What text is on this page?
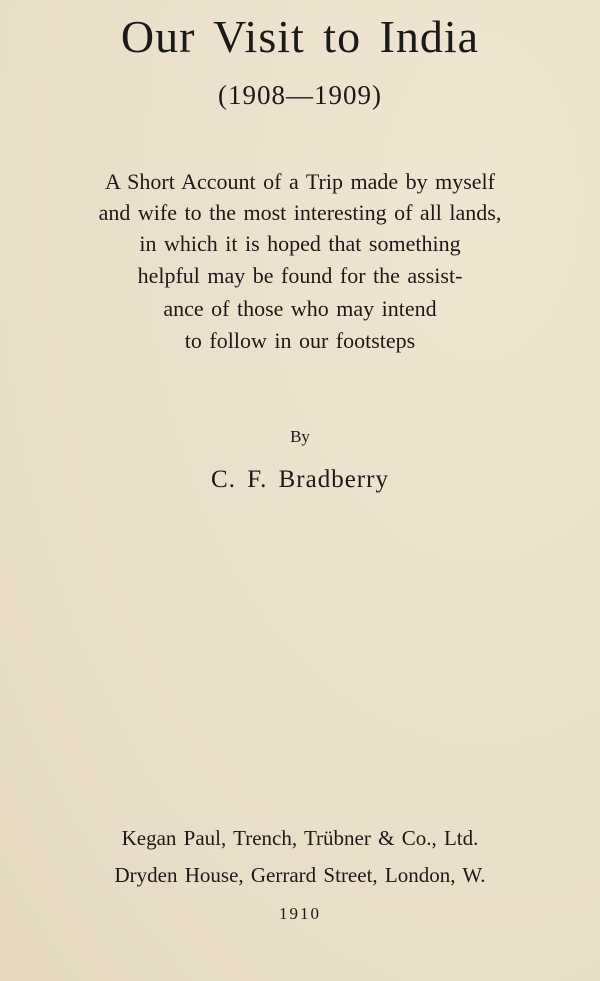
Our Visit to India
(1908—1909)
A Short Account of a Trip made by myself
and wife to the most interesting of all lands,
in which it is hoped that something
helpful may be found for the assist-
ance of those who may intend
to follow in our footsteps
By
C. F. Bradberry
Kegan Paul, Trench, Trübner & Co., Ltd.
Dryden House, Gerrard Street, London, W.
1910
